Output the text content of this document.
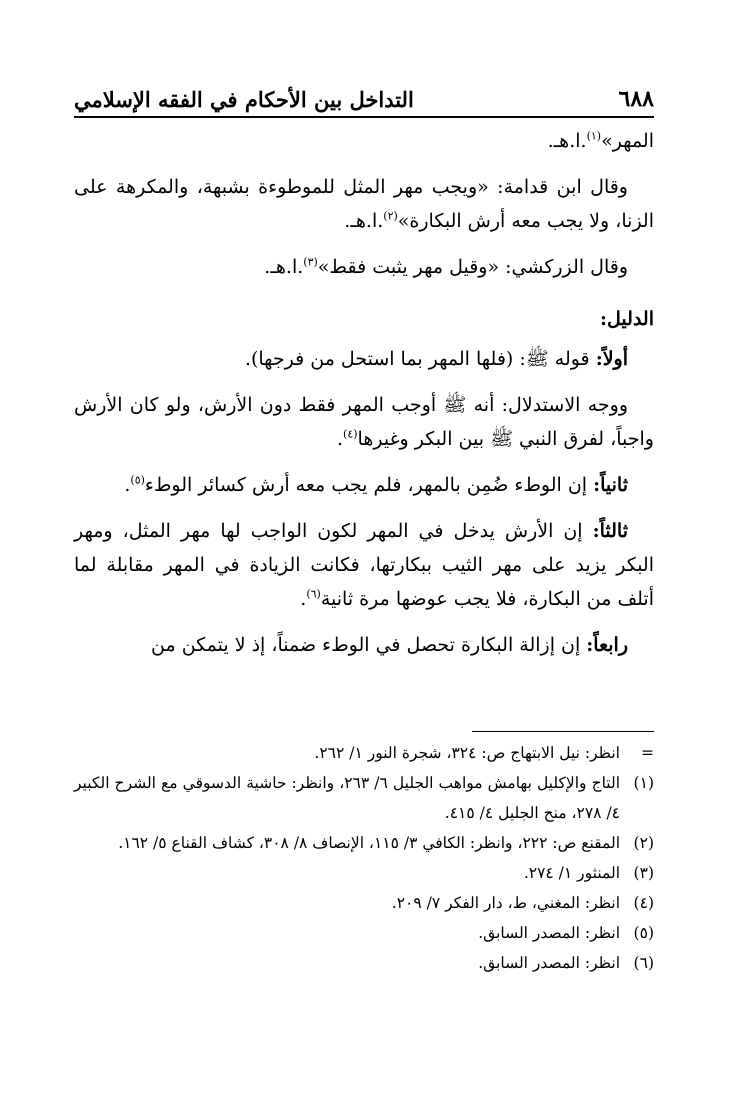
٦٨٨
التداخل بين الأحكام في الفقه الإسلامي

المهر»$^{(١)}$.ا.هـ.

وقال ابن قدامة: «ويجب مهر المثل للموطوءة بشبهة، والمكرهة على الزنا، ولا يجب معه أرش البكارة»$^{(٢)}$.ا.هـ.

وقال الزركشي: «وقيل مهر يثبت فقط»$^{(٣)}$.ا.هـ.

الدليل:

أولاً: قوله ﷺ: (فلها المهر بما استحل من فرجها).

ووجه الاستدلال: أنه ﷺ أوجب المهر فقط دون الأرش، ولو كان الأرش واجباً، لفرق النبي ﷺ بين البكر وغيرها$^{(٤)}$.

ثانياً: إن الوطء ضُمِن بالمهر، فلم يجب معه أرش كسائر الوطء$^{(٥)}$.

ثالثاً: إن الأرش يدخل في المهر لكون الواجب لها مهر المثل، ومهر البكر يزيد على مهر الثيب ببكارتها، فكانت الزيادة في المهر مقابلة لما أتلف من البكارة، فلا يجب عوضها مرة ثانية$^{(٦)}$.

رابعاً: إن إزالة البكارة تحصل في الوطء ضمناً، إذ لا يتمكن من

=
انظر: نيل الابتهاج ص: ٣٢٤، شجرة النور ١/ ٢٦٢.
(١)
التاج والإكليل بهامش مواهب الجليل ٦/ ٢٦٣، وانظر: حاشية الدسوقي مع الشرح الكبير ٤/ ٢٧٨، منح الجليل ٤/ ٤١٥.
(٢)
المقنع ص: ٢٢٢، وانظر: الكافي ٣/ ١١٥، الإنصاف ٨/ ٣٠٨، كشاف القناع ٥/ ١٦٢.
(٣)
المنثور ١/ ٢٧٤.
(٤)
انظر: المغني، ط، دار الفكر ٧/ ٢٠٩.
(٥)
انظر: المصدر السابق.
(٦)
انظر: المصدر السابق.
